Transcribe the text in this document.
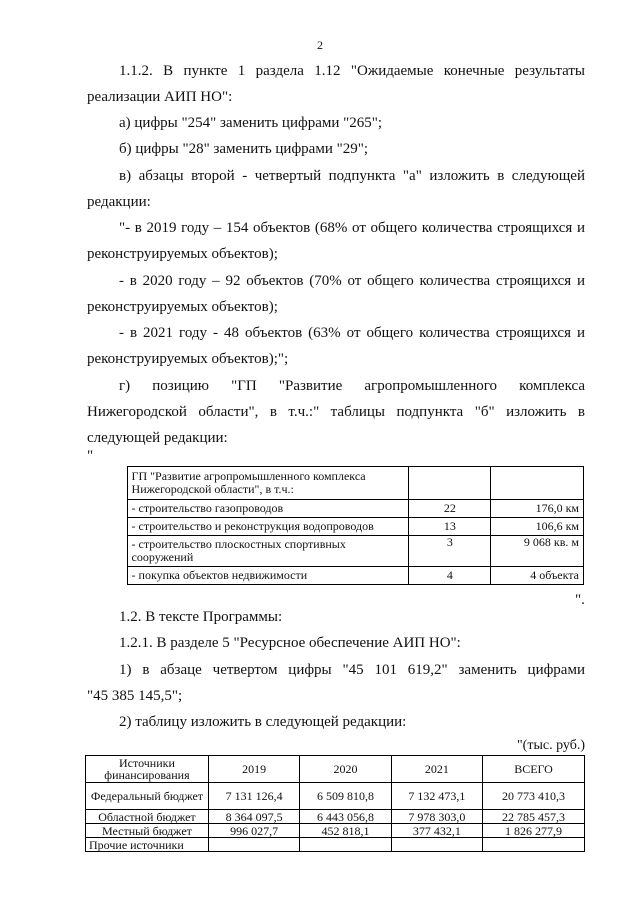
2

1.1.2. В пункте 1 раздела 1.12 "Ожидаемые конечные результаты

реализации АИП НО":

а) цифры "254" заменить цифрами "265";

б) цифры "28" заменить цифрами "29";

в) абзацы второй - четвертый подпункта "а" изложить в следующей

редакции:

"- в 2019 году – 154 объектов (68% от общего количества строящихся и

реконструируемых объектов);

- в 2020 году – 92 объектов (70% от общего количества строящихся и

реконструируемых объектов);

- в 2021 году - 48 объектов (63% от общего количества строящихся и

реконструируемых объектов);";

г) позицию "ГП "Развитие агропромышленного комплекса

Нижегородской области", в т.ч.:" таблицы подпункта "б" изложить в

следующей редакции:

"
	ГП "Развитие агропромышленного комплекса Нижегородской области", в т.ч.:		
	- строительство газопроводов	22	176,0 км
	- строительство и реконструкция водопроводов	13	106,6 км
	- строительство плоскостных спортивных сооружений	3	9 068 кв. м
	- покупка объектов недвижимости	4	4 объекта
".

1.2. В тексте Программы:

1.2.1. В разделе 5 "Ресурсное обеспечение АИП НО":

1) в абзаце четвертом цифры "45 101 619,2" заменить цифрами

"45 385 145,5";

2) таблицу изложить в следующей редакции:

"(тыс. руб.)
Источники финансирования	2019	2020	2021	ВСЕГО
Федеральный бюджет	7 131 126,4	6 509 810,8	7 132 473,1	20 773 410,3
Областной бюджет	8 364 097,5	6 443 056,8	7 978 303,0	22 785 457,3
Местный бюджет	996 027,7	452 818,1	377 432,1	1 826 277,9
Прочие источники				
